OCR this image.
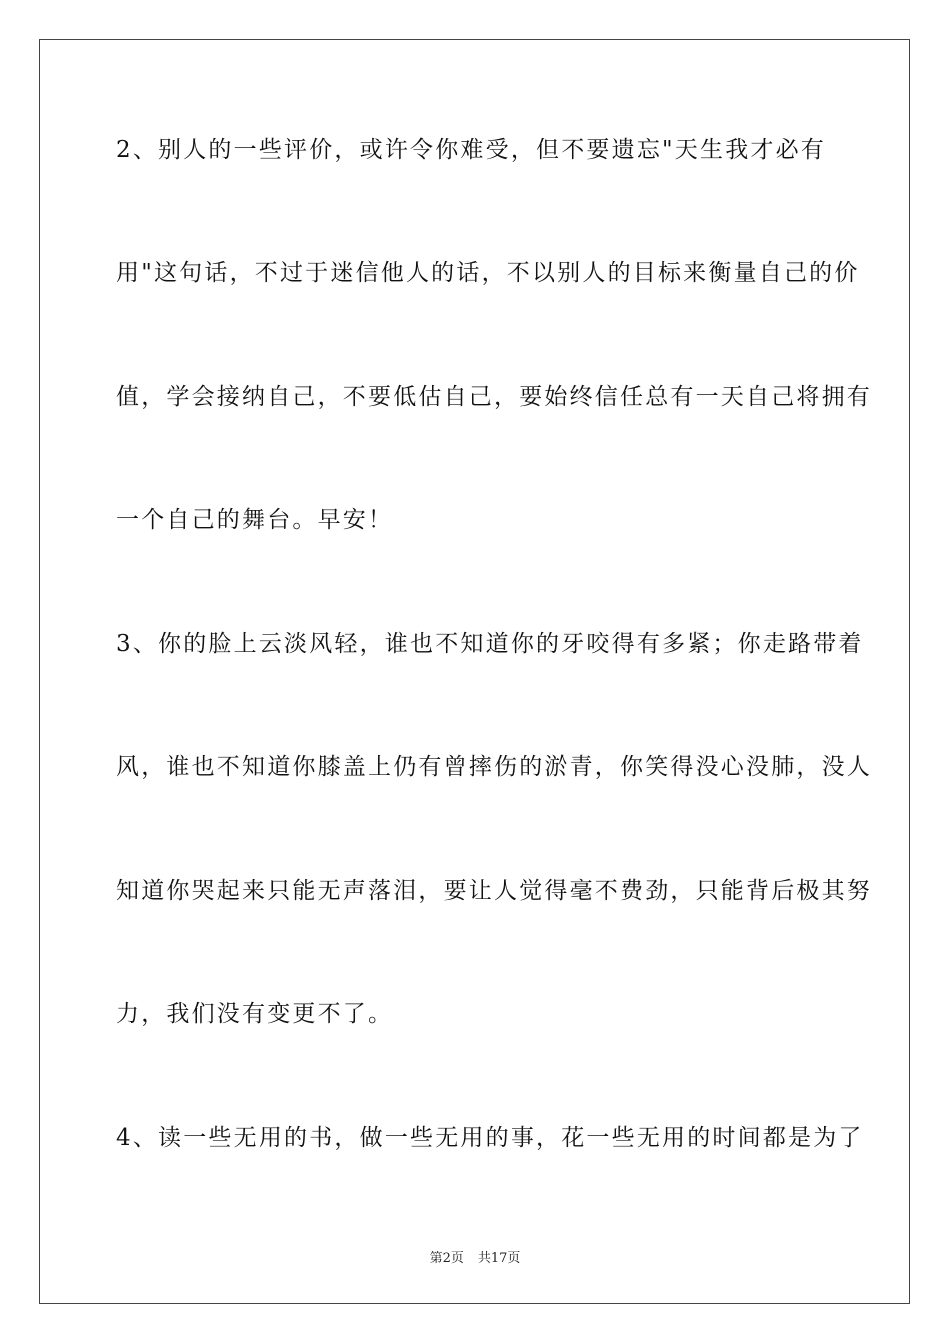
2、别人的一些评价，或许令你难受，但不要遗忘"天生我才必有
用"这句话，不过于迷信他人的话，不以别人的目标来衡量自己的价
值，学会接纳自己，不要低估自己，要始终信任总有一天自己将拥有
一个自己的舞台。早安！
3、你的脸上云淡风轻，谁也不知道你的牙咬得有多紧；你走路带着
风，谁也不知道你膝盖上仍有曾摔伤的淤青，你笑得没心没肺，没人
知道你哭起来只能无声落泪，要让人觉得毫不费劲，只能背后极其努
力，我们没有变更不了。
4、读一些无用的书，做一些无用的事，花一些无用的时间都是为了
第2页 共17页
